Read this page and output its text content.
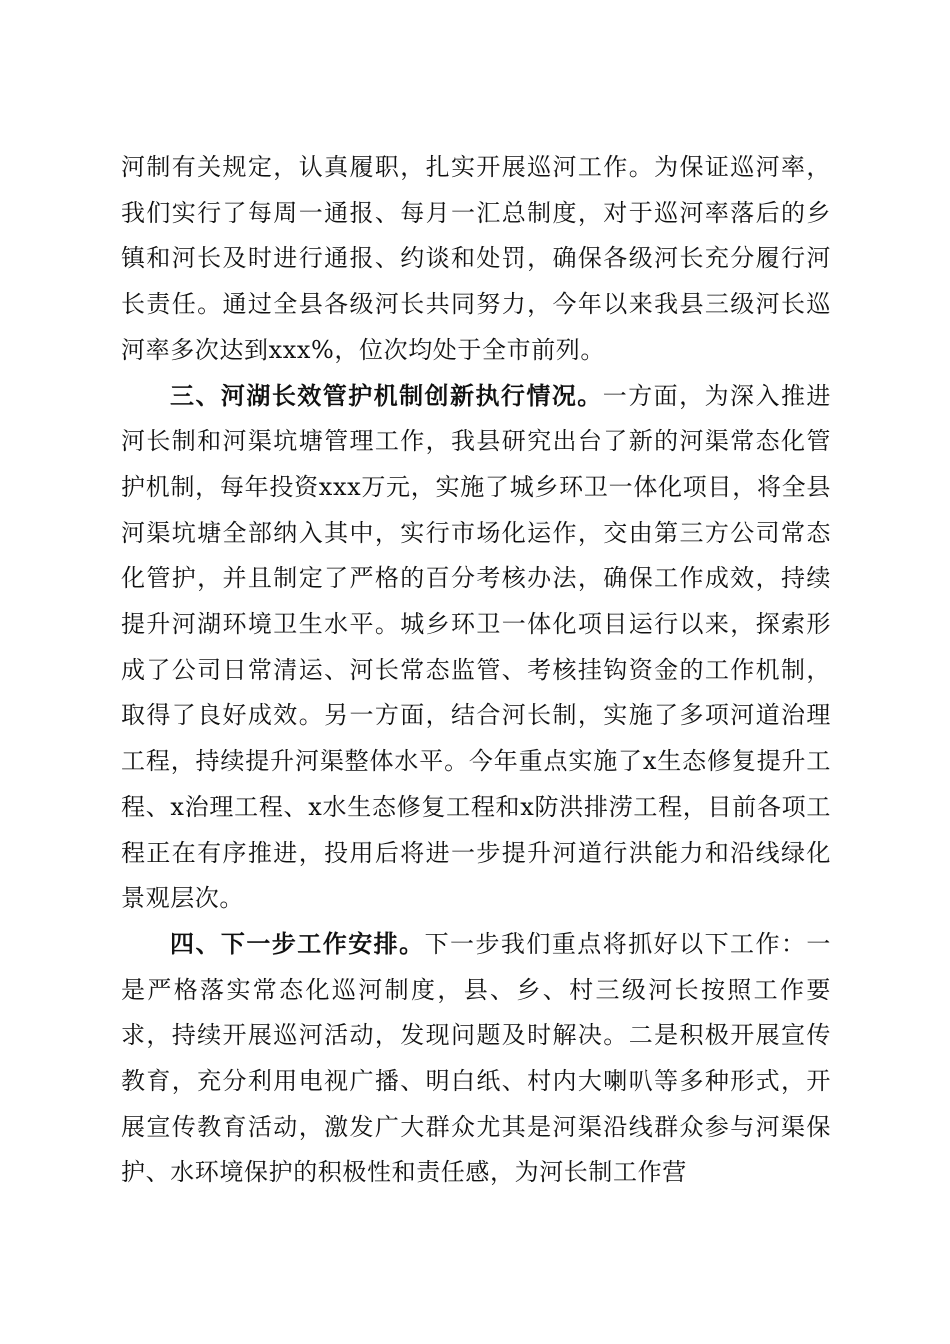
河制有关规定，认真履职，扎实开展巡河工作。为保证巡河率，我们实行了每周一通报、每月一汇总制度，对于巡河率落后的乡镇和河长及时进行通报、约谈和处罚，确保各级河长充分履行河长责任。通过全县各级河长共同努力，今年以来我县三级河长巡河率多次达到xxx%，位次均处于全市前列。

三、河湖长效管护机制创新执行情况。一方面，为深入推进河长制和河渠坑塘管理工作，我县研究出台了新的河渠常态化管护机制，每年投资xxx万元，实施了城乡环卫一体化项目，将全县河渠坑塘全部纳入其中，实行市场化运作，交由第三方公司常态化管护，并且制定了严格的百分考核办法，确保工作成效，持续提升河湖环境卫生水平。城乡环卫一体化项目运行以来，探索形成了公司日常清运、河长常态监管、考核挂钩资金的工作机制，取得了良好成效。另一方面，结合河长制，实施了多项河道治理工程，持续提升河渠整体水平。今年重点实施了x生态修复提升工程、x治理工程、x水生态修复工程和x防洪排涝工程，目前各项工程正在有序推进，投用后将进一步提升河道行洪能力和沿线绿化景观层次。

四、下一步工作安排。下一步我们重点将抓好以下工作：一是严格落实常态化巡河制度，县、乡、村三级河长按照工作要求，持续开展巡河活动，发现问题及时解决。二是积极开展宣传教育，充分利用电视广播、明白纸、村内大喇叭等多种形式，开展宣传教育活动，激发广大群众尤其是河渠沿线群众参与河渠保护、水环境保护的积极性和责任感，为河长制工作营
